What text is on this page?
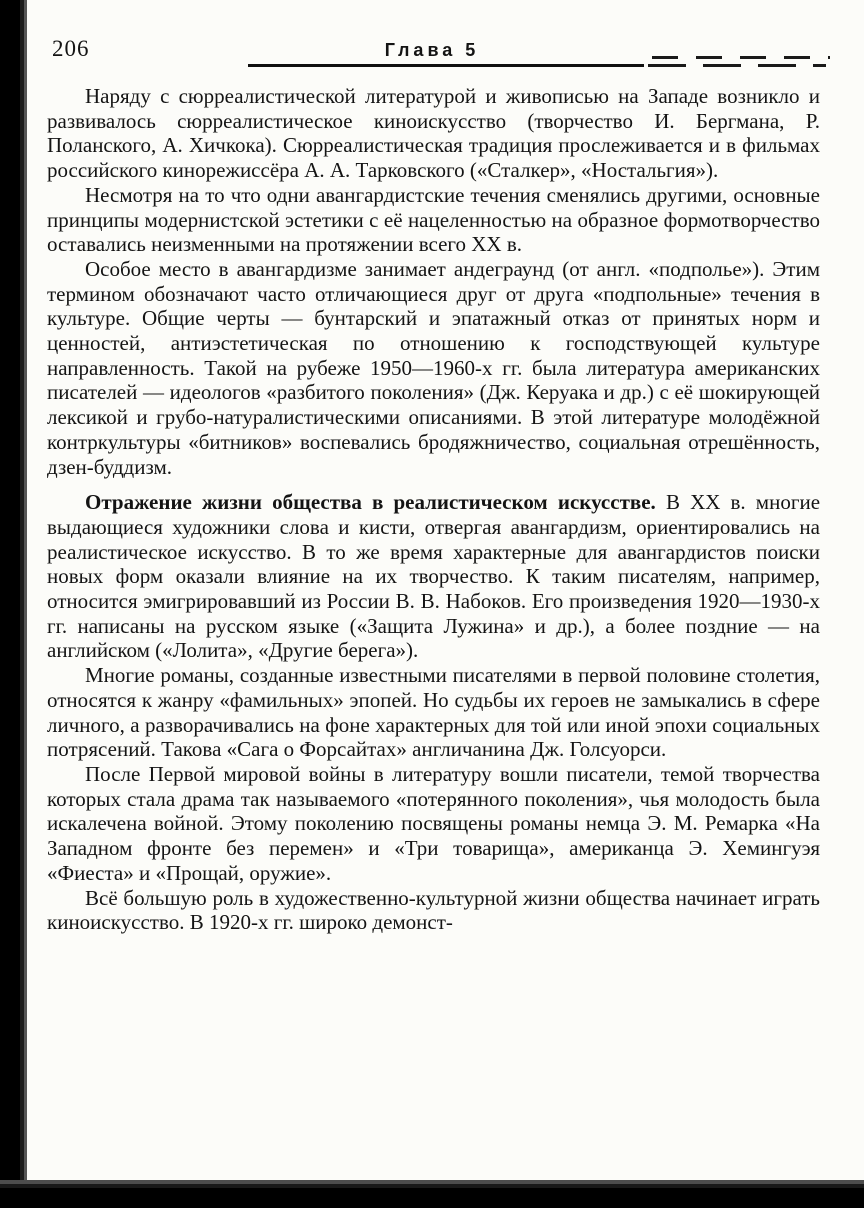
206	Глава 5

Наряду с сюрреалистической литературой и живописью на Западе возникло и развивалось сюрреалистическое киноискусство (творчество И. Бергмана, Р. Поланского, А. Хичкока). Сюрреалистическая традиция прослеживается и в фильмах российского кинорежиссёра А. А. Тарковского («Сталкер», «Ностальгия»).

Несмотря на то что одни авангардистские течения сменялись другими, основные принципы модернистской эстетики с её нацеленностью на образное формотворчество оставались неизменными на протяжении всего XX в.

Особое место в авангардизме занимает андеграунд (от англ. «подполье»). Этим термином обозначают часто отличающиеся друг от друга «подпольные» течения в культуре. Общие черты — бунтарский и эпатажный отказ от принятых норм и ценностей, антиэстетическая по отношению к господствующей культуре направленность. Такой на рубеже 1950—1960-х гг. была литература американских писателей — идеологов «разбитого поколения» (Дж. Керуака и др.) с её шокирующей лексикой и грубо-натуралистическими описаниями. В этой литературе молодёжной контркультуры «битников» воспевались бродяжничество, социальная отрешённость, дзен-буддизм.

Отражение жизни общества в реалистическом искусстве. В XX в. многие выдающиеся художники слова и кисти, отвергая авангардизм, ориентировались на реалистическое искусство. В то же время характерные для авангардистов поиски новых форм оказали влияние на их творчество. К таким писателям, например, относится эмигрировавший из России В. В. Набоков. Его произведения 1920—1930-х гг. написаны на русском языке («Защита Лужина» и др.), а более поздние — на английском («Лолита», «Другие берега»).

Многие романы, созданные известными писателями в первой половине столетия, относятся к жанру «фамильных» эпопей. Но судьбы их героев не замыкались в сфере личного, а разворачивались на фоне характерных для той или иной эпохи социальных потрясений. Такова «Сага о Форсайтах» англичанина Дж. Голсуорси.

После Первой мировой войны в литературу вошли писатели, темой творчества которых стала драма так называемого «потерянного поколения», чья молодость была искалечена войной. Этому поколению посвящены романы немца Э. М. Ремарка «На Западном фронте без перемен» и «Три товарища», американца Э. Хемингуэя «Фиеста» и «Прощай, оружие».

Всё большую роль в художественно-культурной жизни общества начинает играть киноискусство. В 1920-х гг. широко демонст-
